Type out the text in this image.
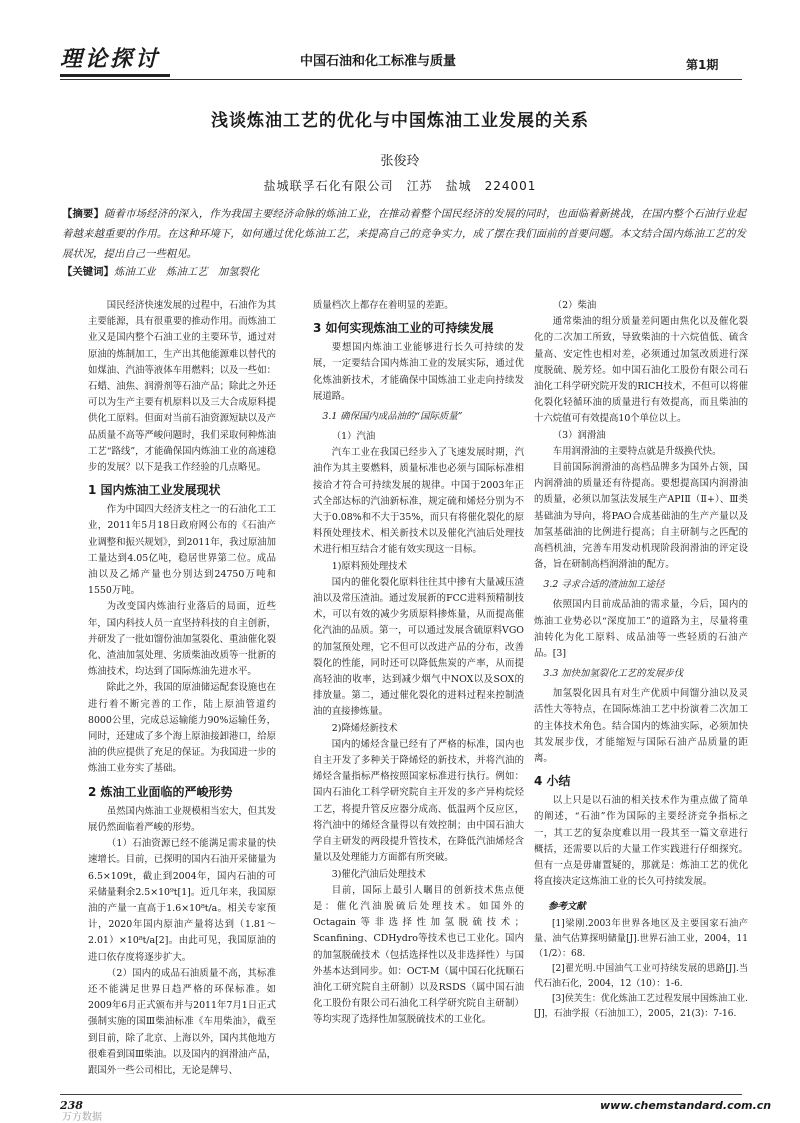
理论探讨	中国石油和化工标准与质量	第1期
浅谈炼油工艺的优化与中国炼油工业发展的关系
张俊玲
盐城联孚石化有限公司　江苏　盐城　224001
【摘要】随着市场经济的深入，作为我国主要经济命脉的炼油工业，在推动着整个国民经济的发展的同时，也面临着新挑战，在国内整个石油行业起着越来越重要的作用。在这种环境下，如何通过优化炼油工艺，来提高自己的竞争实力，成了摆在我们面前的首要问题。本文结合国内炼油工艺的发展状况，提出自己一些粗见。
【关键词】炼油工业　炼油工艺　加氢裂化

国民经济快速发展的过程中，石油作为其主要能源，具有很重要的推动作用。而炼油工业又是国内整个石油工业的主要环节，通过对原油的炼制加工，生产出其他能源难以替代的如煤油、汽油等液体车用燃料；以及一些如：石蜡、油焦、润滑剂等石油产品；除此之外还可以为生产主要有机原料以及三大合成原料提供化工原料。但面对当前石油资源短缺以及产品质量不高等严峻问题时，我们采取何种炼油工艺“路线”，才能确保国内炼油工业的高速稳步的发展？以下是我工作经验的几点略见。

1 国内炼油工业发展现状

作为中国四大经济支柱之一的石油化工工业，2011年5月18日政府网公布的《石油产业调整和振兴规划》，到2011年，我过原油加工量达到4.05亿吨，稳居世界第二位。成品油以及乙烯产量也分别达到24750万吨和1550万吨。

为改变国内炼油行业落后的局面，近些年，国内科技人员一直坚持科技的自主创新，并研发了一批如馏份油加氢裂化、重油催化裂化、渣油加氢处理、劣质柴油改质等一批新的炼油技术，均达到了国际炼油先进水平。

除此之外，我国的原油储运配套设施也在进行着不断完善的工作，陆上原油管道约8000公里，完成总运输能力90%运输任务，同时，还建成了多个海上原油接卸港口，给原油的供应提供了充足的保证。为我国进一步的炼油工业夯实了基础。

2 炼油工业面临的严峻形势

虽然国内炼油工业规模相当宏大，但其发展仍然面临着严峻的形势。

（1）石油资源已经不能满足需求量的快速增长。目前，已探明的国内石油开采储量为6.5×109t，截止到2004年，国内石油的可采储量剩余2.5×10⁹t[1]。近几年来，我国原油的产量一直高于1.6×10⁸t/a。相关专家预计，2020年国内原油产量将达到（1.81～2.01）×10⁸t/a[2]。由此可见，我国原油的进口依存度将逐步扩大。

（2）国内的成品石油质量不高，其标准还不能满足世界日趋严格的环保标准。如2009年6月正式颁布并与2011年7月1日正式强制实施的国Ⅲ柴油标准《车用柴油》，截至到目前，除了北京、上海以外，国内其他地方很难看到国Ⅲ柴油。以及国内的润滑油产品，跟国外一些公司相比，无论是牌号、

质量档次上都存在着明显的差距。

3 如何实现炼油工业的可持续发展

要想国内炼油工业能够进行长久可持续的发展，一定要结合国内炼油工业的发展实际，通过优化炼油新技术，才能确保中国炼油工业走向持续发展道路。

3.1 确保国内成品油的“国际质量”

（1）汽油

汽车工业在我国已经步入了飞速发展时期，汽油作为其主要燃料，质量标准也必须与国际标准相接洽才符合可持续发展的规律。中国于2003年正式全部达标的汽油新标准，规定硫和烯烃分别为不大于0.08%和不大于35%，而只有将催化裂化的原料预处理技术、相关新技术以及催化汽油后处理技术进行相互结合才能有效实现这一目标。

1)原料预处理技术

国内的催化裂化原料往往其中掺有大量减压渣油以及常压渣油。通过发展新的FCC进料预精制技术，可以有效的减少劣质原料掺炼量，从而提高催化汽油的品质。第一，可以通过发展含硫原料VGO的加氢预处理，它不但可以改进产品的分布，改善裂化的性能，同时还可以降低焦炭的产率，从而提高轻油的收率，达到减少烟气中NOX以及SOX的排放量。第二，通过催化裂化的进料过程来控制渣油的直接掺炼量。

2)降烯烃新技术

国内的烯烃含量已经有了严格的标准，国内也自主开发了多种关于降烯烃的新技术，并将汽油的烯烃含量指标严格按照国家标准进行执行。例如：国内石油化工科学研究院自主开发的多产异构烷烃工艺，将提升管反应器分成高、低温两个反应区，将汽油中的烯烃含量得以有效控制；由中国石油大学自主研发的两段提升管技术，在降低汽油烯烃含量以及处理能力方面都有所突破。

3)催化汽油后处理技术

目前，国际上最引人瞩目的创新技术焦点便是：催化汽油脱硫后处理技术。如国外的Octagain等非选择性加氢脱硫技术；Scanfining、CDHydro等技术也已工业化。国内的加氢脱硫技术（包括选择性以及非选择性）与国外基本达到同步。如：OCT-M（属中国石化抚顺石油化工研究院自主研制）以及RSDS（属中国石油化工股份有限公司石油化工科学研究院自主研制）等均实现了选择性加氢脱硫技术的工业化。

（2）柴油

通常柴油的组分质量差问题由焦化以及催化裂化的二次加工所致，导致柴油的十六烷值低、硫含量高、安定性也相对差，必须通过加氢改质进行深度脱硫、脱芳烃。如中国石油化工股份有限公司石油化工科学研究院开发的RICH技术，不但可以将催化裂化轻循环油的质量进行有效提高，而且柴油的十六烷值可有效提高10个单位以上。

（3）润滑油

车用润滑油的主要特点就是升级换代快。

目前国际润滑油的高档品牌多为国外占领，国内润滑油的质量还有待提高。要想提高国内润滑油的质量，必须以加氢法发展生产APIⅡ（Ⅱ+）、Ⅲ类基础油为导向，将PAO合成基础油的生产产量以及加氢基础油的比例进行提高；自主研制与之匹配的高档机油，完善车用发动机现阶段润滑油的评定设备，旨在研制高档润滑油的配方。

3.2 寻求合适的渣油加工途径

依照国内目前成品油的需求量，今后，国内的炼油工业势必以“深度加工”的道路为主，尽量将重油转化为化工原料、成品油等一些轻质的石油产品。[3]

3.3 加快加氢裂化工艺的发展步伐

加氢裂化因具有对生产优质中间馏分油以及灵活性大等特点，在国际炼油工艺中扮演着二次加工的主体技术角色。结合国内的炼油实际，必须加快其发展步伐，才能缩短与国际石油产品质量的距离。

4 小结

以上只是以石油的相关技术作为重点做了简单的阐述，“石油”作为国际的主要经济竞争指标之一，其工艺的复杂度难以用一段其至一篇文章进行概括，还需要以后的大量工作实践进行仔细探究。但有一点是毋庸置疑的，那就是：炼油工艺的优化将直接决定这炼油工业的长久可持续发展。

参考文献

[1]梁刚.2003年世界各地区及主要国家石油产量、油气估算探明储量[J].世界石油工业，2004，11（1/2）：68.

[2]翟光明.中国油气工业可持续发展的思路[J].当代石油石化，2004，12（10）：1-6.

[3]侯芙生：优化炼油工艺过程发展中国炼油工业.[J]，石油学报（石油加工），2005，21(3)：7-16.

238	www.chemstandard.com.cn
万方数据
